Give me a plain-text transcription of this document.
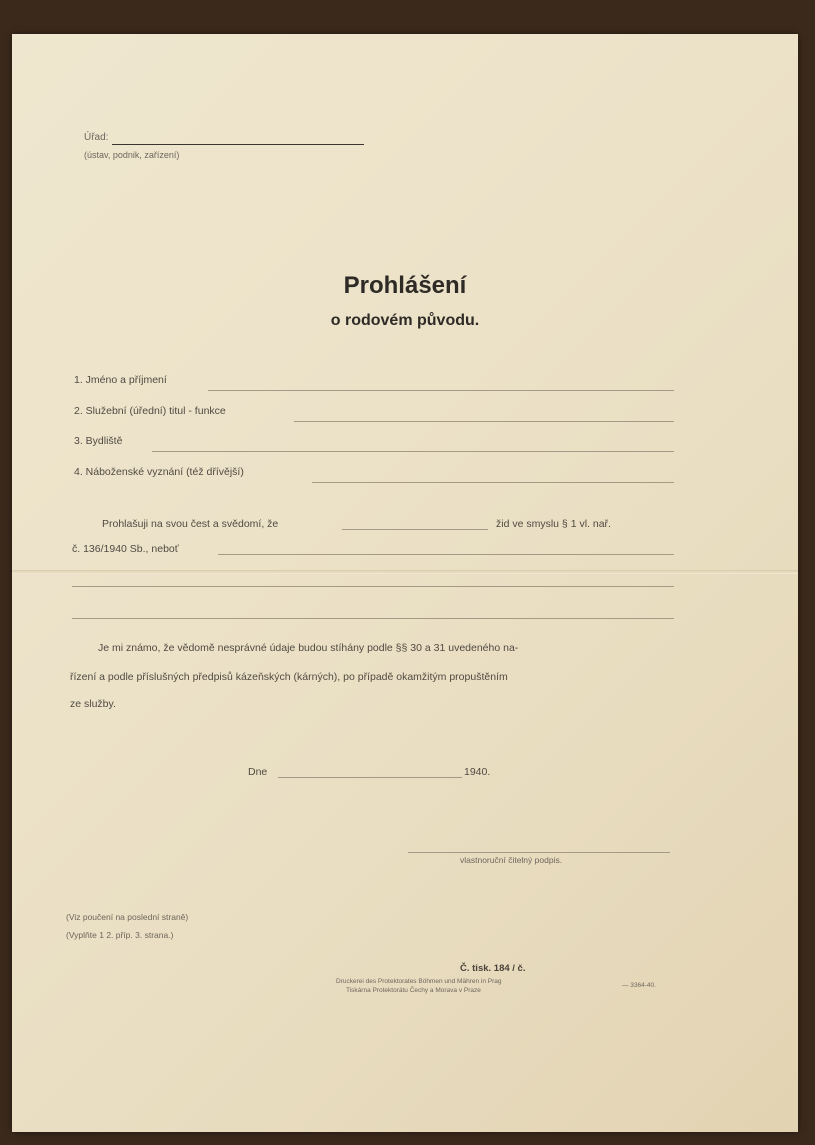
Úřad:
(ústav, podnik, zařízení)
Prohlášení
o rodovém původu.
1. Jméno a příjmení
2. Služební (úřední) titul - funkce
3. Bydliště
4. Náboženské vyznání (též dřívější)
Prohlašuji na svou čest a svědomí, že	žid ve smyslu § 1 vl. nař.
č. 136/1940 Sb., neboť
Je mi známo, že vědomě nesprávné údaje budou stíhány podle §§ 30 a 31 uvedeného na-
řízení a podle příslušných předpisů kázeňských (kárných), po případě okamžitým propuštěním
ze služby.
Dne	1940.
vlastnoruční čitelný podpis.
(Viz poučení na poslední straně)
(Vyplňte 1 2. příp. 3. strana.)
Č. tisk. 184 / č.
Druckerei des Protektorates Böhmen und Mähren in Prag
Tiskárna Protektorátu Čechy a Morava v Praze
— 3364-40.
